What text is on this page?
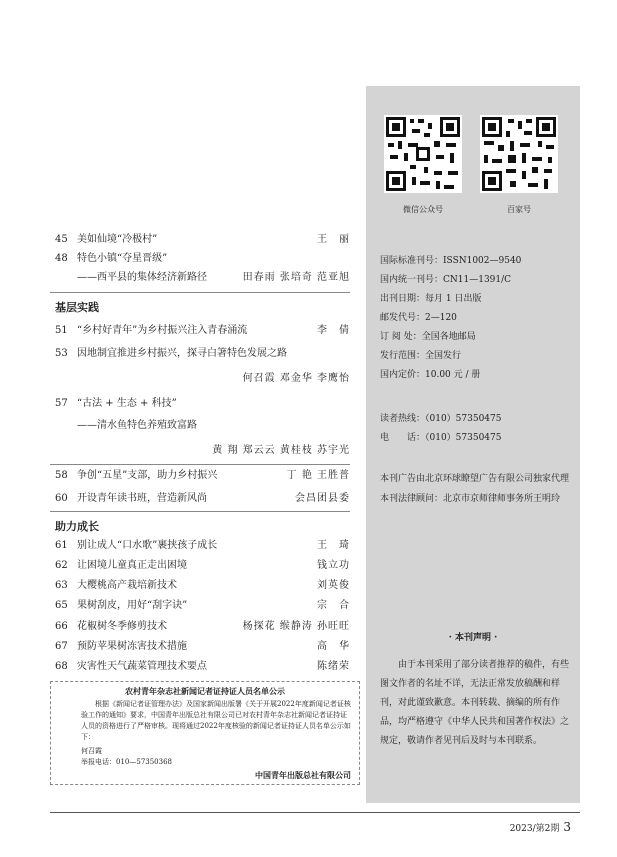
45 美如仙境“冷极村”	王　丽
48 特色小镇“夺星晋级”
——西平县的集体经济新路径	田春雨 张培奇 范亚旭
基层实践
51 “乡村好青年”为乡村振兴注入青春涌流	李　倩
53 因地制宜推进乡村振兴，探寻白箸特色发展之路
何召霞 邓金华 李鹰怡
57 “古法 + 生态 + 科技”
——清水鱼特色养殖致富路
黄 翔 郑云云 黄桂枝 苏宇光
58 争创“五星”支部，助力乡村振兴	丁 艳 王胜普
60 开设青年读书班，营造新风尚	会昌团县委
助力成长
61 别让成人“口水歌”裹挟孩子成长	王　琦
62 让困境儿童真正走出困境	钱立功
63 大樱桃高产栽培新技术	刘英俊
65 果树刮皮，用好“刮字诀”	宗　合
66 花椒树冬季修剪技术	杨探花 缑静涛 孙旺旺
67 预防苹果树冻害技术措施	高　华
68 灾害性天气蔬菜管理技术要点	陈绪荣
农村青年杂志社新闻记者证持证人员名单公示
根据《新闻记者证管理办法》及国家新闻出版署《关于开展2022年度新闻记者证核验工作的通知》要求，中国青年出版总社有限公司已对农村青年杂志社新闻记者证持证人员的资格进行了严格审核。现将通过2022年度核验的新闻记者证持证人员名单公示如下：
何召霞
举报电话：010—57350368
中国青年出版总社有限公司
微信公众号	百家号
国际标准刊号：ISSN1002—9540
国内统一刊号：CN11—1391/C
出刊日期：每月 1 日出版
邮发代号：2—120
订 阅 处：全国各地邮局
发行范围：全国发行
国内定价：10.00 元 / 册
读者热线：（010）57350475
电　　话：（010）57350475
本刊广告由北京环球瞭望广告有限公司独家代理
本刊法律顾问：北京市京师律师事务所王明玲
· 本刊声明 ·
由于本刊采用了部分读者推荐的稿件，有些图文作者的名址不详，无法正常发放稿酬和样刊，对此谨致歉意。本刊转载、摘编的所有作品，均严格遵守《中华人民共和国著作权法》之规定，敬请作者见刊后及时与本刊联系。
2023/第2期 3
